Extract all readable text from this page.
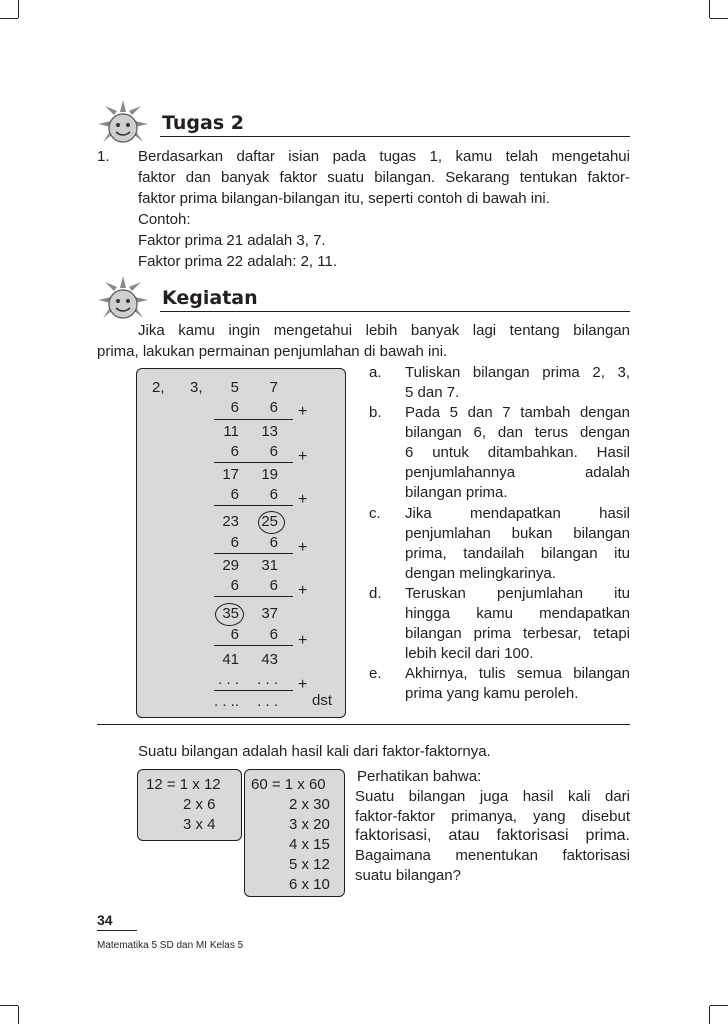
Tugas 2
1. Berdasarkan daftar isian pada tugas 1, kamu telah mengetahui
faktor dan banyak faktor suatu bilangan. Sekarang tentukan faktor-
faktor prima bilangan-bilangan itu, seperti contoh di bawah ini.
Contoh:
Faktor prima 21 adalah 3, 7.
Faktor prima 22 adalah: 2, 11.
Kegiatan
Jika kamu ingin mengetahui lebih banyak lagi tentang bilangan
prima, lakukan permainan penjumlahan di bawah ini.
2, 3,	5	7
6	6 +
11	13
6	6 +
17	19
6	6 +
23	25
6	6 +
29	31
6	6 +
35	37
6	6 +
41	43
. . .	. . . +
. . ..	. . . dst
a. Tuliskan bilangan prima 2, 3,
5 dan 7.
b. Pada 5 dan 7 tambah dengan
bilangan 6, dan terus dengan
6 untuk ditambahkan. Hasil
penjumlahannya adalah
bilangan prima.
c. Jika mendapatkan hasil
penjumlahan bukan bilangan
prima, tandailah bilangan itu
dengan melingkarinya.
d. Teruskan penjumlahan itu
hingga kamu mendapatkan
bilangan prima terbesar, tetapi
lebih kecil dari 100.
e. Akhirnya, tulis semua bilangan
prima yang kamu peroleh.
Suatu bilangan adalah hasil kali dari faktor-faktornya.
12 = 1 x 12
2 x 6
3 x 4
60 = 1 x 60
2 x 30
3 x 20
4 x 15
5 x 12
6 x 10
Perhatikan bahwa:
Suatu bilangan juga hasil kali dari
faktor-faktor primanya, yang disebut
faktorisasi, atau faktorisasi prima.
Bagaimana menentukan faktorisasi
suatu bilangan?
34
Matematika 5 SD dan MI Kelas 5
